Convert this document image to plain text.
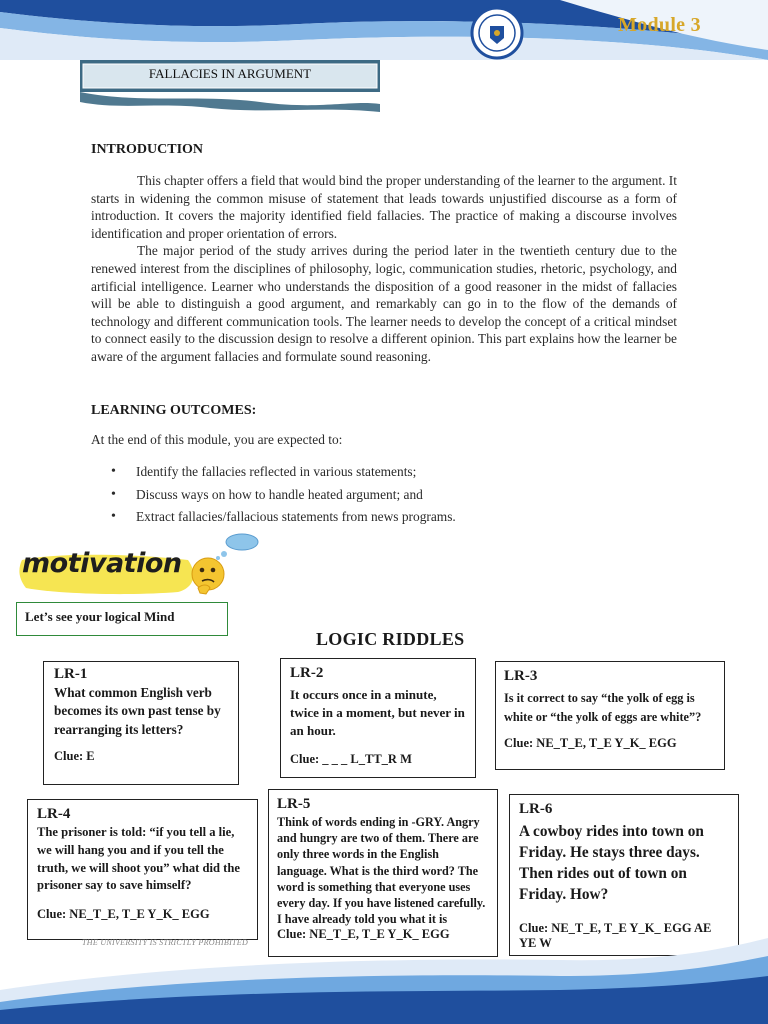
Module 3
FALLACIES IN ARGUMENT
INTRODUCTION

This chapter offers a field that would bind the proper understanding of the learner to the argument. It starts in widening the common misuse of statement that leads towards unjustified discourse as a form of introduction. It covers the majority identified field fallacies. The practice of making a discourse involves identification and proper orientation of errors.

The major period of the study arrives during the period later in the twentieth century due to the renewed interest from the disciplines of philosophy, logic, communication studies, rhetoric, psychology, and artificial intelligence. Learner who understands the disposition of a good reasoner in the midst of fallacies will be able to distinguish a good argument, and remarkably can go in to the flow of the demands of technology and different communication tools. The learner needs to develop the concept of a critical mindset to connect easily to the discussion design to resolve a different opinion. This part explains how the learner be aware of the argument fallacies and formulate sound reasoning.

LEARNING OUTCOMES:
At the end of this module, you are expected to:
• Identify the fallacies reflected in various statements;
• Discuss ways on how to handle heated argument; and
• Extract fallacies/fallacious statements from news programs.
motivation
Let’s see your logical Mind
LOGIC RIDDLES
LR-1
What common English verb becomes its own past tense by rearranging its letters?
Clue: E
LR-2
It occurs once in a minute, twice in a moment, but never in an hour.
Clue: _ _ _ L_TT_R M
LR-3
Is it correct to say “the yolk of egg is white or “the yolk of eggs are white”?
Clue: NE_T_E, T_E Y_K_ EGG
LR-4
The prisoner is told: “if you tell a lie, we will hang you and if you tell the truth, we will shoot you” what did the prisoner say to save himself?
Clue: NE_T_E, T_E Y_K_ EGG
LR-5
Think of words ending in -GRY. Angry and hungry are two of them. There are only three words in the English language. What is the third word? The word is something that everyone uses every day. If you have listened carefully. I have already told you what it is
Clue: NE_T_E, T_E Y_K_ EGG
LR-6
A cowboy rides into town on Friday. He stays three days. Then rides out of town on Friday. How?
Clue: NE_T_E, T_E Y_K_ EGG AE YE W
THE UNIVERSITY IS STRICTLY PROHIBITED
